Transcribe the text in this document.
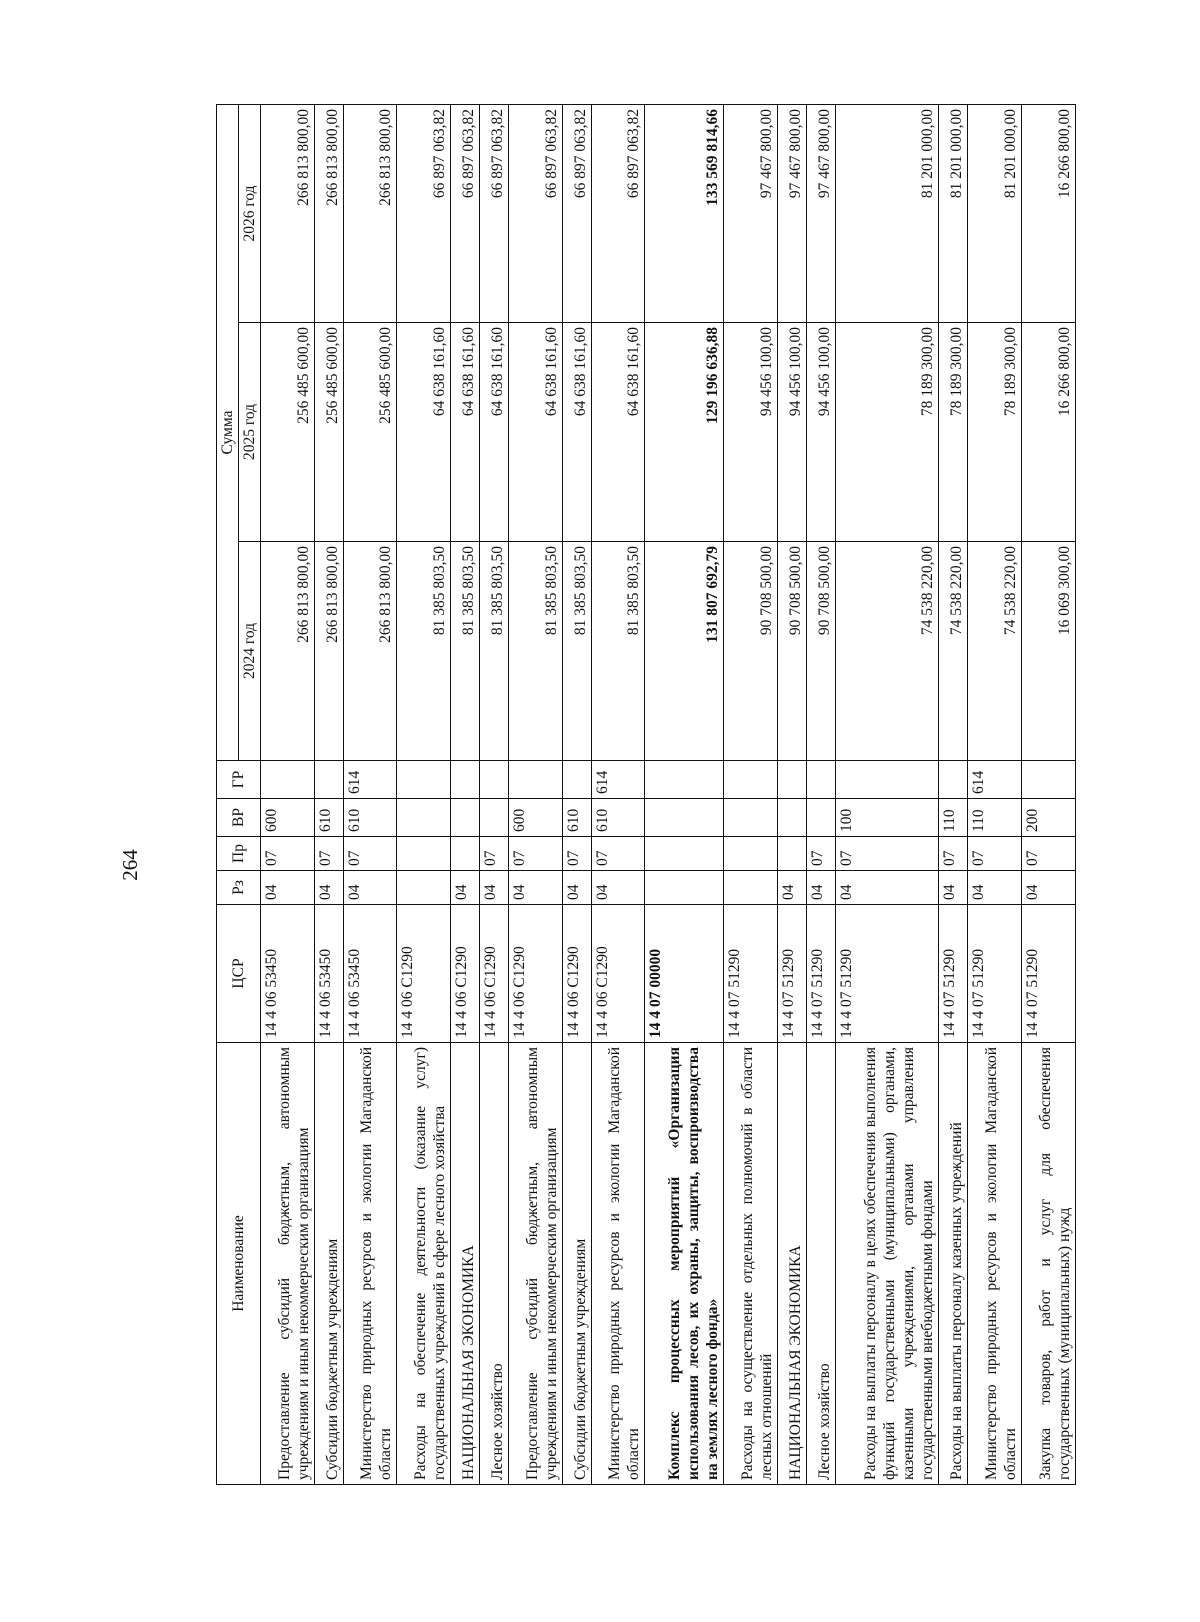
264
Наименование	ЦСР	Рз	Пр	ВР	ГР	Сумма		
						2024 год	2025 год	2026 год
Предоставление субсидий бюджетным, автономным учреждениям и иным некоммерческим организациям	14 4 06 53450	04	07	600		266 813 800,00	256 485 600,00	266 813 800,00
Субсидии бюджетным учреждениям	14 4 06 53450	04	07	610		266 813 800,00	256 485 600,00	266 813 800,00
Министерство природных ресурсов и экологии Магаданской области	14 4 06 53450	04	07	610	614	266 813 800,00	256 485 600,00	266 813 800,00
Расходы на обеспечение деятельности (оказание услуг) государственных учреждений в сфере лесного хозяйства	14 4 06 C1290					81 385 803,50	64 638 161,60	66 897 063,82
НАЦИОНАЛЬНАЯ ЭКОНОМИКА	14 4 06 C1290	04				81 385 803,50	64 638 161,60	66 897 063,82
Лесное хозяйство	14 4 06 C1290	04	07			81 385 803,50	64 638 161,60	66 897 063,82
Предоставление субсидий бюджетным, автономным учреждениям и иным некоммерческим организациям	14 4 06 C1290	04	07	600		81 385 803,50	64 638 161,60	66 897 063,82
Субсидии бюджетным учреждениям	14 4 06 C1290	04	07	610		81 385 803,50	64 638 161,60	66 897 063,82
Министерство природных ресурсов и экологии Магаданской области	14 4 06 C1290	04	07	610	614	81 385 803,50	64 638 161,60	66 897 063,82
Комплекс процессных мероприятий «Организация использования лесов, их охраны, защиты, воспроизводства на землях лесного фонда»	14 4 07 00000					131 807 692,79	129 196 636,88	133 569 814,66
Расходы на осуществление отдельных полномочий в области лесных отношений	14 4 07 51290					90 708 500,00	94 456 100,00	97 467 800,00
НАЦИОНАЛЬНАЯ ЭКОНОМИКА	14 4 07 51290	04				90 708 500,00	94 456 100,00	97 467 800,00
Лесное хозяйство	14 4 07 51290	04	07			90 708 500,00	94 456 100,00	97 467 800,00
Расходы на выплаты персоналу в целях обеспечения выполнения функций государственными (муниципальными) органами, казенными учреждениями, органами управления государственными внебюджетными фондами	14 4 07 51290	04	07	100		74 538 220,00	78 189 300,00	81 201 000,00
Расходы на выплаты персоналу казенных учреждений	14 4 07 51290	04	07	110		74 538 220,00	78 189 300,00	81 201 000,00
Министерство природных ресурсов и экологии Магаданской области	14 4 07 51290	04	07	110	614	74 538 220,00	78 189 300,00	81 201 000,00
Закупка товаров, работ и услуг для обеспечения государственных (муниципальных) нужд	14 4 07 51290	04	07	200		16 069 300,00	16 266 800,00	16 266 800,00
